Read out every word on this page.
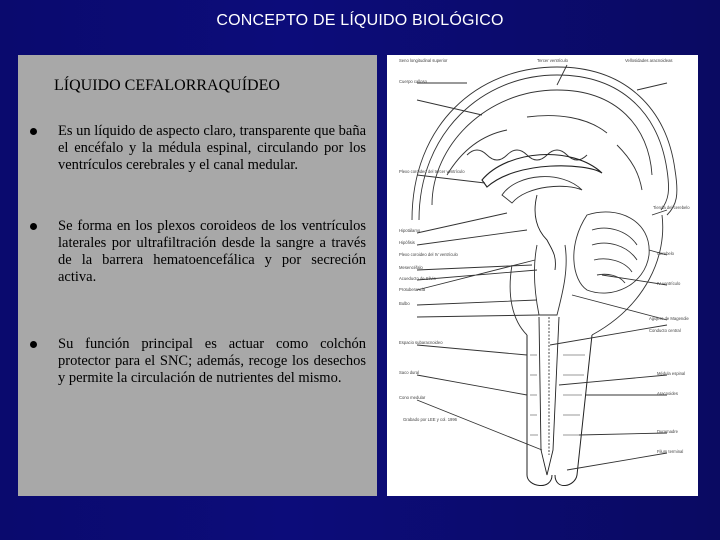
CONCEPTO DE LÍQUIDO BIOLÓGICO
LÍQUIDO CEFALORRAQUÍDEO
Es un líquido de aspecto claro, transparente que baña el encéfalo y la médula espinal, circulando por los ventrículos cerebrales y el canal medular.
Se forma en los plexos coroideos de los ventrículos laterales por ultrafiltración desde la sangre a través de la barrera hematoencefálica y por secreción activa.
Su función principal es actuar como colchón protector para el SNC; además, recoge los desechos y permite la circulación de nutrientes del mismo.
Seno longitudinal superior
Cuerpo calloso
Plexo coroideo del tercer ventrículo
Hipotálamo
Hipófisis
Plexo coroideo del IV ventrículo
Mesencéfalo
Acueducto de Silvio
Protuberancia
Bulbo
Espacio subaracnoideo
Saco dural
Cono medular
Vellosidades aracnoideas
Tercer ventrículo
Tienda del cerebelo
Cerebelo
IV ventrículo
Agujero de Magendie
Conducto central
Médula espinal
Aracnoides
Duramadre
Filum terminal
Grabado por LEE y col. 1996
